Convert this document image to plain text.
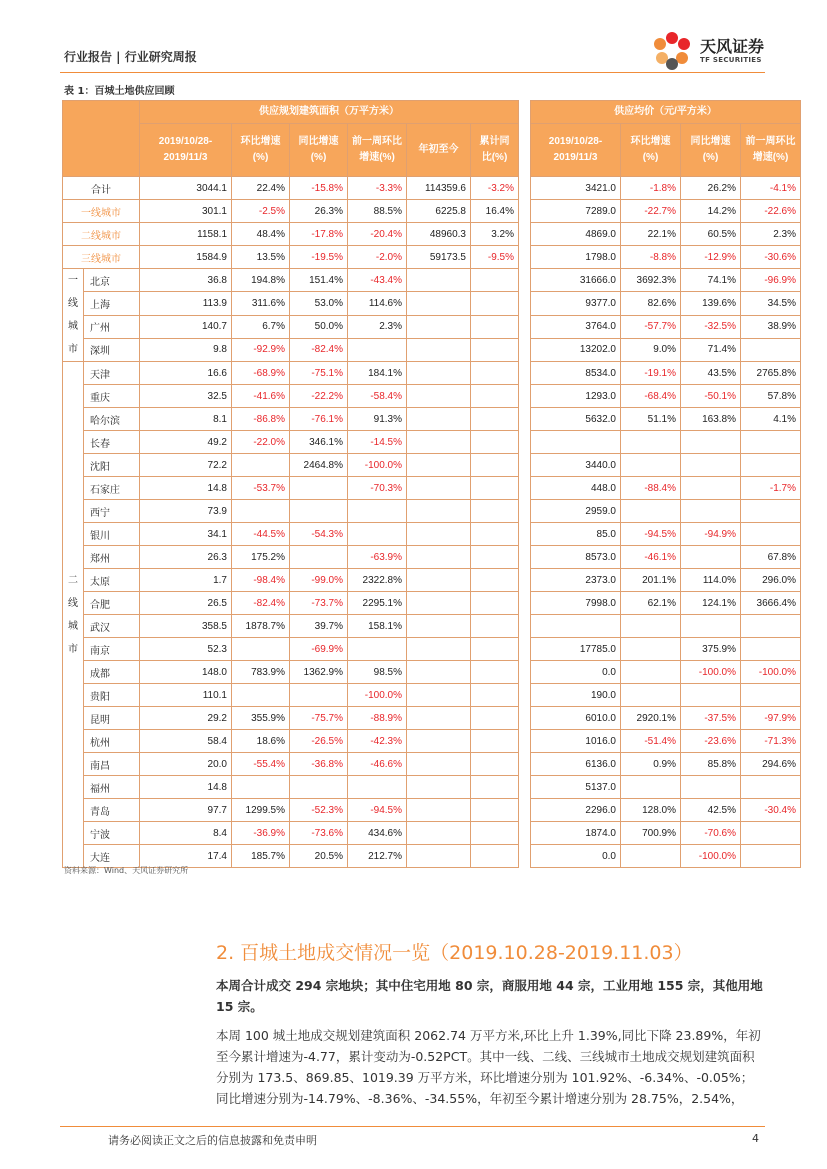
行业报告 | 行业研究周报
天风证券
TF SECURITIES
表 1：百城土地供应回顾
		供应规划建筑面积（万平方米）							供应均价（元/平方米）			
		2019/10/28-2019/11/3	环比增速(%)	同比增速(%)	前一周环比增速(%)	年初至今	累计同比(%)		2019/10/28-2019/11/3	环比增速(%)	同比增速(%)	前一周环比增速(%)
合计		3044.1	22.4%	-15.8%	-3.3%	114359.6	-3.2%		3421.0	-1.8%	26.2%	-4.1%
一线城市		301.1	-2.5%	26.3%	88.5%	6225.8	16.4%		7289.0	-22.7%	14.2%	-22.6%
二线城市		1158.1	48.4%	-17.8%	-20.4%	48960.3	3.2%		4869.0	22.1%	60.5%	2.3%
三线城市		1584.9	13.5%	-19.5%	-2.0%	59173.5	-9.5%		1798.0	-8.8%	-12.9%	-30.6%
一
线
城
市	北京	36.8	194.8%	151.4%	-43.4%				31666.0	3692.3%	74.1%	-96.9%
	上海	113.9	311.6%	53.0%	114.6%				9377.0	82.6%	139.6%	34.5%
	广州	140.7	6.7%	50.0%	2.3%				3764.0	-57.7%	-32.5%	38.9%
	深圳	9.8	-92.9%	-82.4%					13202.0	9.0%	71.4%	
二
线
城
市	天津	16.6	-68.9%	-75.1%	184.1%				8534.0	-19.1%	43.5%	2765.8%
	重庆	32.5	-41.6%	-22.2%	-58.4%				1293.0	-68.4%	-50.1%	57.8%
	哈尔滨	8.1	-86.8%	-76.1%	91.3%				5632.0	51.1%	163.8%	4.1%
	长春	49.2	-22.0%	346.1%	-14.5%							
	沈阳	72.2		2464.8%	-100.0%				3440.0			
	石家庄	14.8	-53.7%		-70.3%				448.0	-88.4%		-1.7%
	西宁	73.9							2959.0			
	银川	34.1	-44.5%	-54.3%					85.0	-94.5%	-94.9%	
	郑州	26.3	175.2%		-63.9%				8573.0	-46.1%		67.8%
	太原	1.7	-98.4%	-99.0%	2322.8%				2373.0	201.1%	114.0%	296.0%
	合肥	26.5	-82.4%	-73.7%	2295.1%				7998.0	62.1%	124.1%	3666.4%
	武汉	358.5	1878.7%	39.7%	158.1%							
	南京	52.3		-69.9%					17785.0		375.9%	
	成都	148.0	783.9%	1362.9%	98.5%				0.0		-100.0%	-100.0%
	贵阳	110.1			-100.0%				190.0			
	昆明	29.2	355.9%	-75.7%	-88.9%				6010.0	2920.1%	-37.5%	-97.9%
	杭州	58.4	18.6%	-26.5%	-42.3%				1016.0	-51.4%	-23.6%	-71.3%
	南昌	20.0	-55.4%	-36.8%	-46.6%				6136.0	0.9%	85.8%	294.6%
	福州	14.8							5137.0			
	青岛	97.7	1299.5%	-52.3%	-94.5%				2296.0	128.0%	42.5%	-30.4%
	宁波	8.4	-36.9%	-73.6%	434.6%				1874.0	700.9%	-70.6%	
	大连	17.4	185.7%	20.5%	212.7%				0.0		-100.0%	
资料来源：Wind、天风证券研究所
2. 百城土地成交情况一览（2019.10.28-2019.11.03）
本周合计成交 294 宗地块；其中住宅用地 80 宗，商服用地 44 宗，工业用地 155 宗，其他用地 15 宗。
本周 100 城土地成交规划建筑面积 2062.74 万平方米,环比上升 1.39%,同比下降 23.89%，年初至今累计增速为-4.77，累计变动为-0.52PCT。其中一线、二线、三线城市土地成交规划建筑面积分别为 173.5、869.85、1019.39 万平方米，环比增速分别为 101.92%、-6.34%、-0.05%；同比增速分别为-14.79%、-8.36%、-34.55%，年初至今累计增速分别为 28.75%，2.54%，
请务必阅读正文之后的信息披露和免责申明	4
